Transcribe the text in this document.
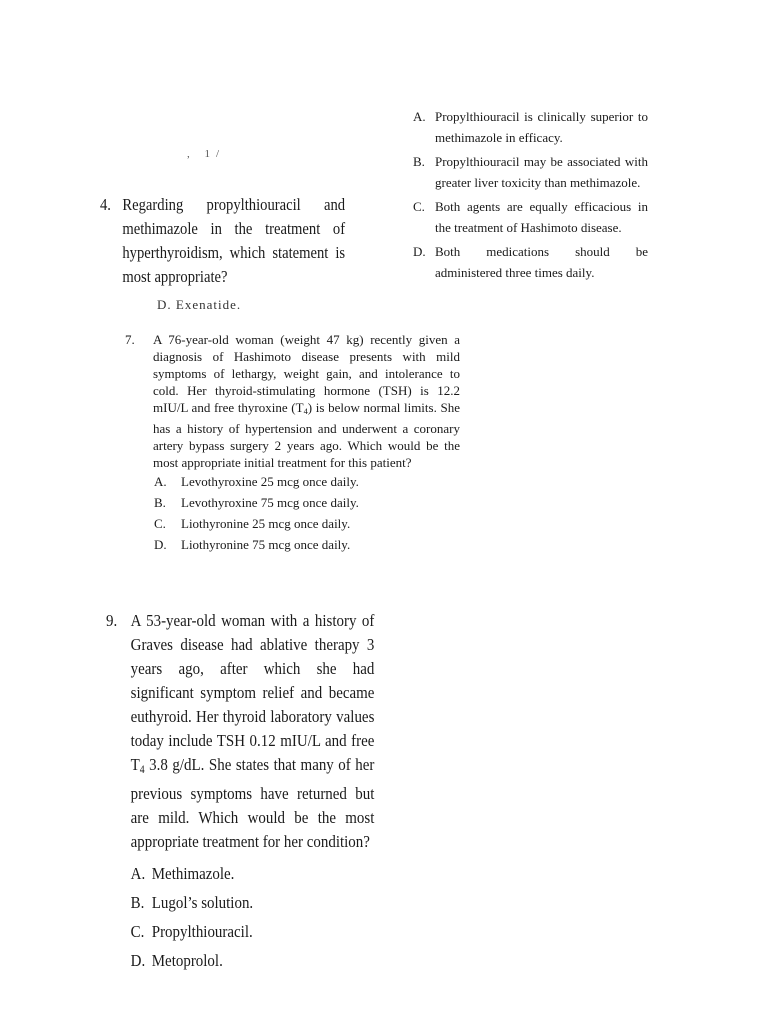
, 1/
D. Exenatide.
4. Regarding propylthiouracil and methimazole in the treatment of hyperthyroidism, which statement is most appropriate?
A. Propylthiouracil is clinically superior to methimazole in efficacy.
B. Propylthiouracil may be associated with greater liver toxicity than methimazole.
C. Both agents are equally efficacious in the treatment of Hashimoto disease.
D. Both medications should be administered three times daily.
7.	A 76-year-old woman (weight 47 kg) recently given a diagnosis of Hashimoto disease presents with mild symptoms of lethargy, weight gain, and intolerance to cold. Her thyroid-stimulating hormone (TSH) is 12.2 mIU/L and free thyroxine $(T_4)$ is below normal limits. She has a history of hypertension and underwent a coronary artery bypass surgery 2 years ago. Which would be the most appropriate initial treatment for this patient?
A. Levothyroxine 25 mcg once daily.
B. Levothyroxine 75 mcg once daily.
C. Liothyronine 25 mcg once daily.
D. Liothyronine 75 mcg once daily.
9. A 53-year-old woman with a history of Graves disease had ablative therapy 3 years ago, after which she had significant symptom relief and became euthyroid. Her thyroid laboratory values today include TSH 0.12 mIU/L and free $T_4$ 3.8 g/dL. She states that many of her previous symptoms have returned but are mild. Which would be the most appropriate treatment for her condition?
A. Methimazole.
B. Lugol’s solution.
C. Propylthiouracil.
D. Metoprolol.
